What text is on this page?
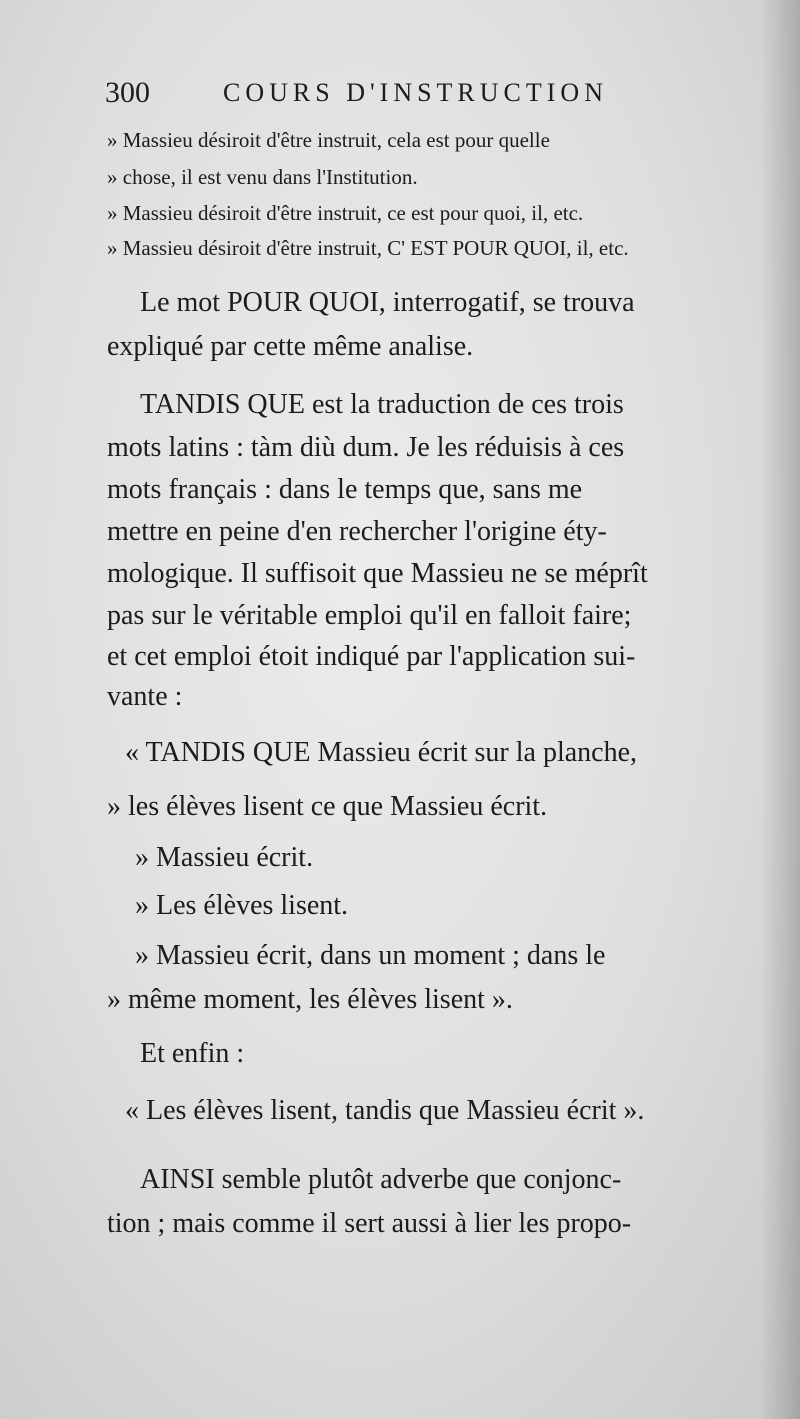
300	COURS D'INSTRUCTION
» Massieu désiroit d'être instruit, cela est pour quelle
» chose, il est venu dans l'Institution.
» Massieu désiroit d'être instruit, ce est pour quoi, il, etc.
» Massieu désiroit d'être instruit, C' EST POUR QUOI, il, etc.
Le mot POUR QUOI, interrogatif, se trouva
expliqué par cette même analise.
TANDIS QUE est la traduction de ces trois
mots latins : tàm diù dum. Je les réduisis à ces
mots français : dans le temps que, sans me
mettre en peine d'en rechercher l'origine éty-
mologique. Il suffisoit que Massieu ne se méprît
pas sur le véritable emploi qu'il en falloit faire;
et cet emploi étoit indiqué par l'application sui-
vante :
« TANDIS QUE Massieu écrit sur la planche,
» les élèves lisent ce que Massieu écrit.
» Massieu écrit.
» Les élèves lisent.
» Massieu écrit, dans un moment ; dans le
» même moment, les élèves lisent ».
Et enfin :
« Les élèves lisent, tandis que Massieu écrit ».
AINSI semble plutôt adverbe que conjonc-
tion ; mais comme il sert aussi à lier les propo-
